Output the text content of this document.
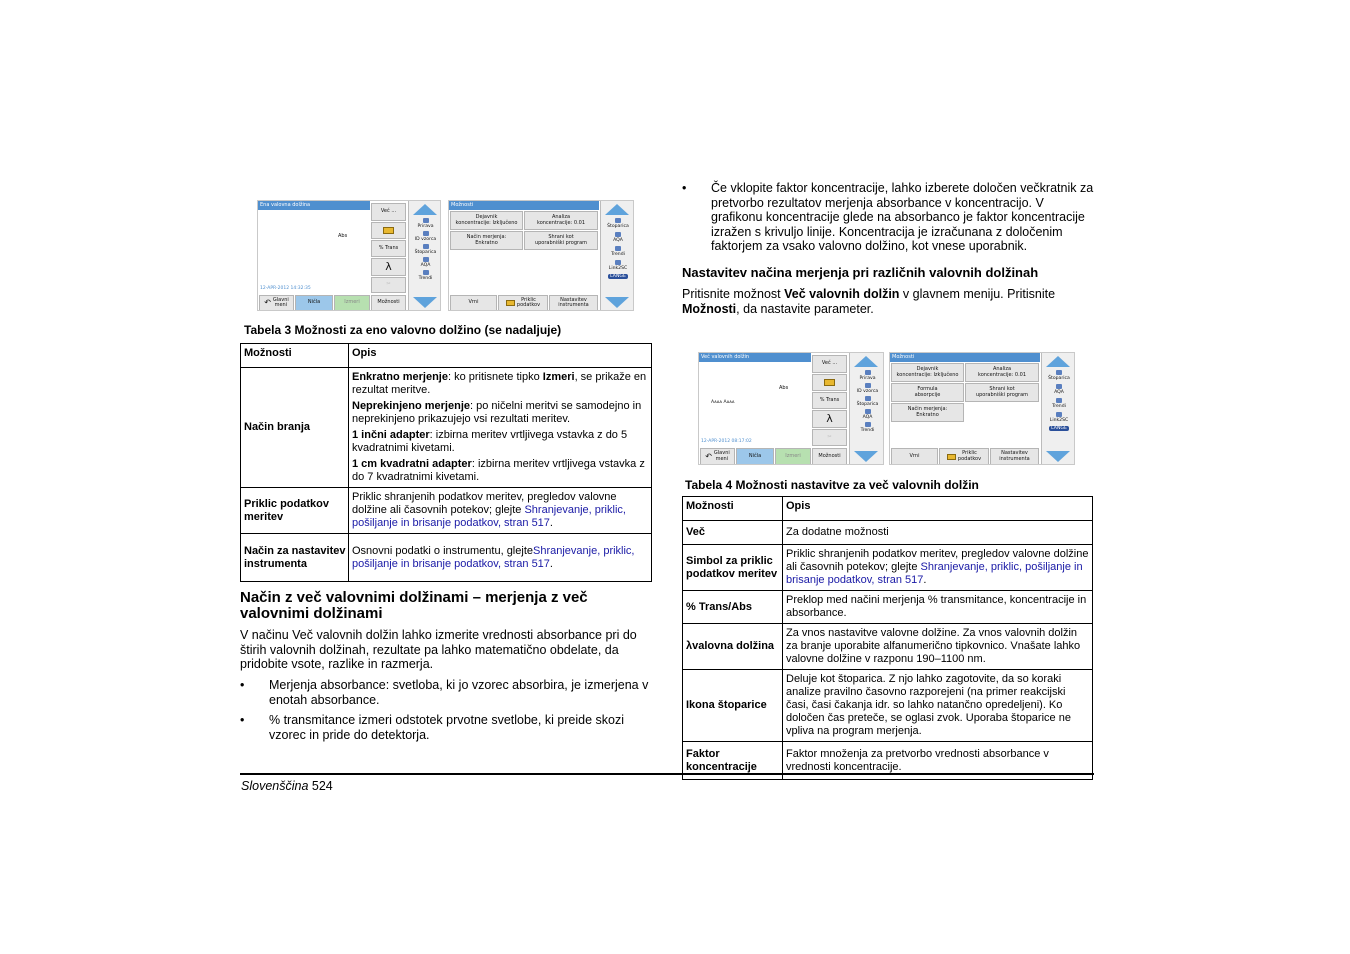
Ena valovna dolžina
Abs
12-APR-2012 14:32:35
Več ...
% Trans
λ
✂
↶ Glavni
meni	Ničla	Izmeri	Možnosti
Prirava
ID vzorca
Štoparica
AQA
Trendi
Možnosti
Dejavnik
koncentracije: Izključeno
Analiza
koncentracije: 0.01
Način merjenja:
Enkratno
Shrani kot
uporabniški program
Vrni	Priklic
podatkov
Nastavitev
instrumenta
Štoparica
AQA
Trendi
Link2SC
LANGE
Tabela 3 Možnosti za eno valovno dolžino (se nadaljuje)
Možnosti	Opis
Način branja	Enkratno merjenje: ko pritisnete tipko Izmeri, se prikaže en rezultat meritve.

Neprekinjeno merjenje: po ničelni meritvi se samodejno in neprekinjeno prikazujejo vsi rezultati meritev.

1 inčni adapter: izbirna meritev vrtljivega vstavka z do 5 kvadratnimi kivetami.

1 cm kvadratni adapter: izbirna meritev vrtljivega vstavka z do 7 kvadratnimi kivetami.

Priklic podatkov meritev	Priklic shranjenih podatkov meritev, pregledov valovne dolžine ali časovnih potekov; glejte Shranjevanje, priklic, pošiljanje in brisanje podatkov, stran 517.
Način za nastavitev instrumenta	Osnovni podatki o instrumentu, glejteShranjevanje, priklic, pošiljanje in brisanje podatkov, stran 517.
Način z več valovnimi dolžinami – merjenja z več valovnimi dolžinami
V načinu Več valovnih dolžin lahko izmerite vrednosti absorbance pri do štirih valovnih dolžinah, rezultate pa lahko matematično obdelate, da pridobite vsote, razlike in razmerja.
• Merjenja absorbance: svetloba, ki jo vzorec absorbira, je izmerjena v enotah absorbance.
• % transmitance izmeri odstotek prvotne svetlobe, ki preide skozi vzorec in pride do detektorja.
• Če vklopite faktor koncentracije, lahko izberete določen večkratnik za pretvorbo rezultatov merjenja absorbance v koncentracijo. V grafikonu koncentracije glede na absorbanco je faktor koncentracije izražen s krivuljo linije. Koncentracija je izračunana z določenim faktorjem za vsako valovno dolžino, kot vnese uporabnik.
Nastavitev načina merjenja pri različnih valovnih dolžinah
Pritisnite možnost Več valovnih dolžin v glavnem meniju. Pritisnite Možnosti, da nastavite parameter.
Več valovnih dolžin
Abs
Aᴀᴀᴀ Aᴀᴀᴀ
12-APR-2012 08:17:02
Več ...
% Trans
λ
✂
↶ Glavni
meni	Ničla	Izmeri	Možnosti
Prirava
ID vzorca
Štoparica
AQA
Trendi
Možnosti
Dejavnik
koncentracije: Izključeno
Analiza
koncentracije: 0.01
Formula
absorpcije
Shrani kot
uporabniški program
Način merjenja:
Enkratno
Vrni	Priklic
podatkov
Nastavitev
instrumenta
Štoparica
AQA
Trendi
Link2SC
LANGE
Tabela 4 Možnosti nastavitve za več valovnih dolžin
Možnosti	Opis
Več	Za dodatne možnosti
Simbol za priklic podatkov meritev	Priklic shranjenih podatkov meritev, pregledov valovne dolžine ali časovnih potekov; glejte Shranjevanje, priklic, pošiljanje in brisanje podatkov, stran 517.
% Trans/Abs	Preklop med načini merjenja % transmitance, koncentracije in absorbance.
λvalovna dolžina	Za vnos nastavitve valovne dolžine. Za vnos valovnih dolžin za branje uporabite alfanumerično tipkovnico. Vnašate lahko valovne dolžine v razponu 190–1100 nm.
Ikona štoparice	Deluje kot štoparica. Z njo lahko zagotovite, da so koraki analize pravilno časovno razporejeni (na primer reakcijski časi, časi čakanja idr. so lahko natančno opredeljeni). Ko določen čas preteče, se oglasi zvok. Uporaba štoparice ne vpliva na program merjenja.
Faktor koncentracije	Faktor množenja za pretvorbo vrednosti absorbance v vrednosti koncentracije.
Slovenščina 524
